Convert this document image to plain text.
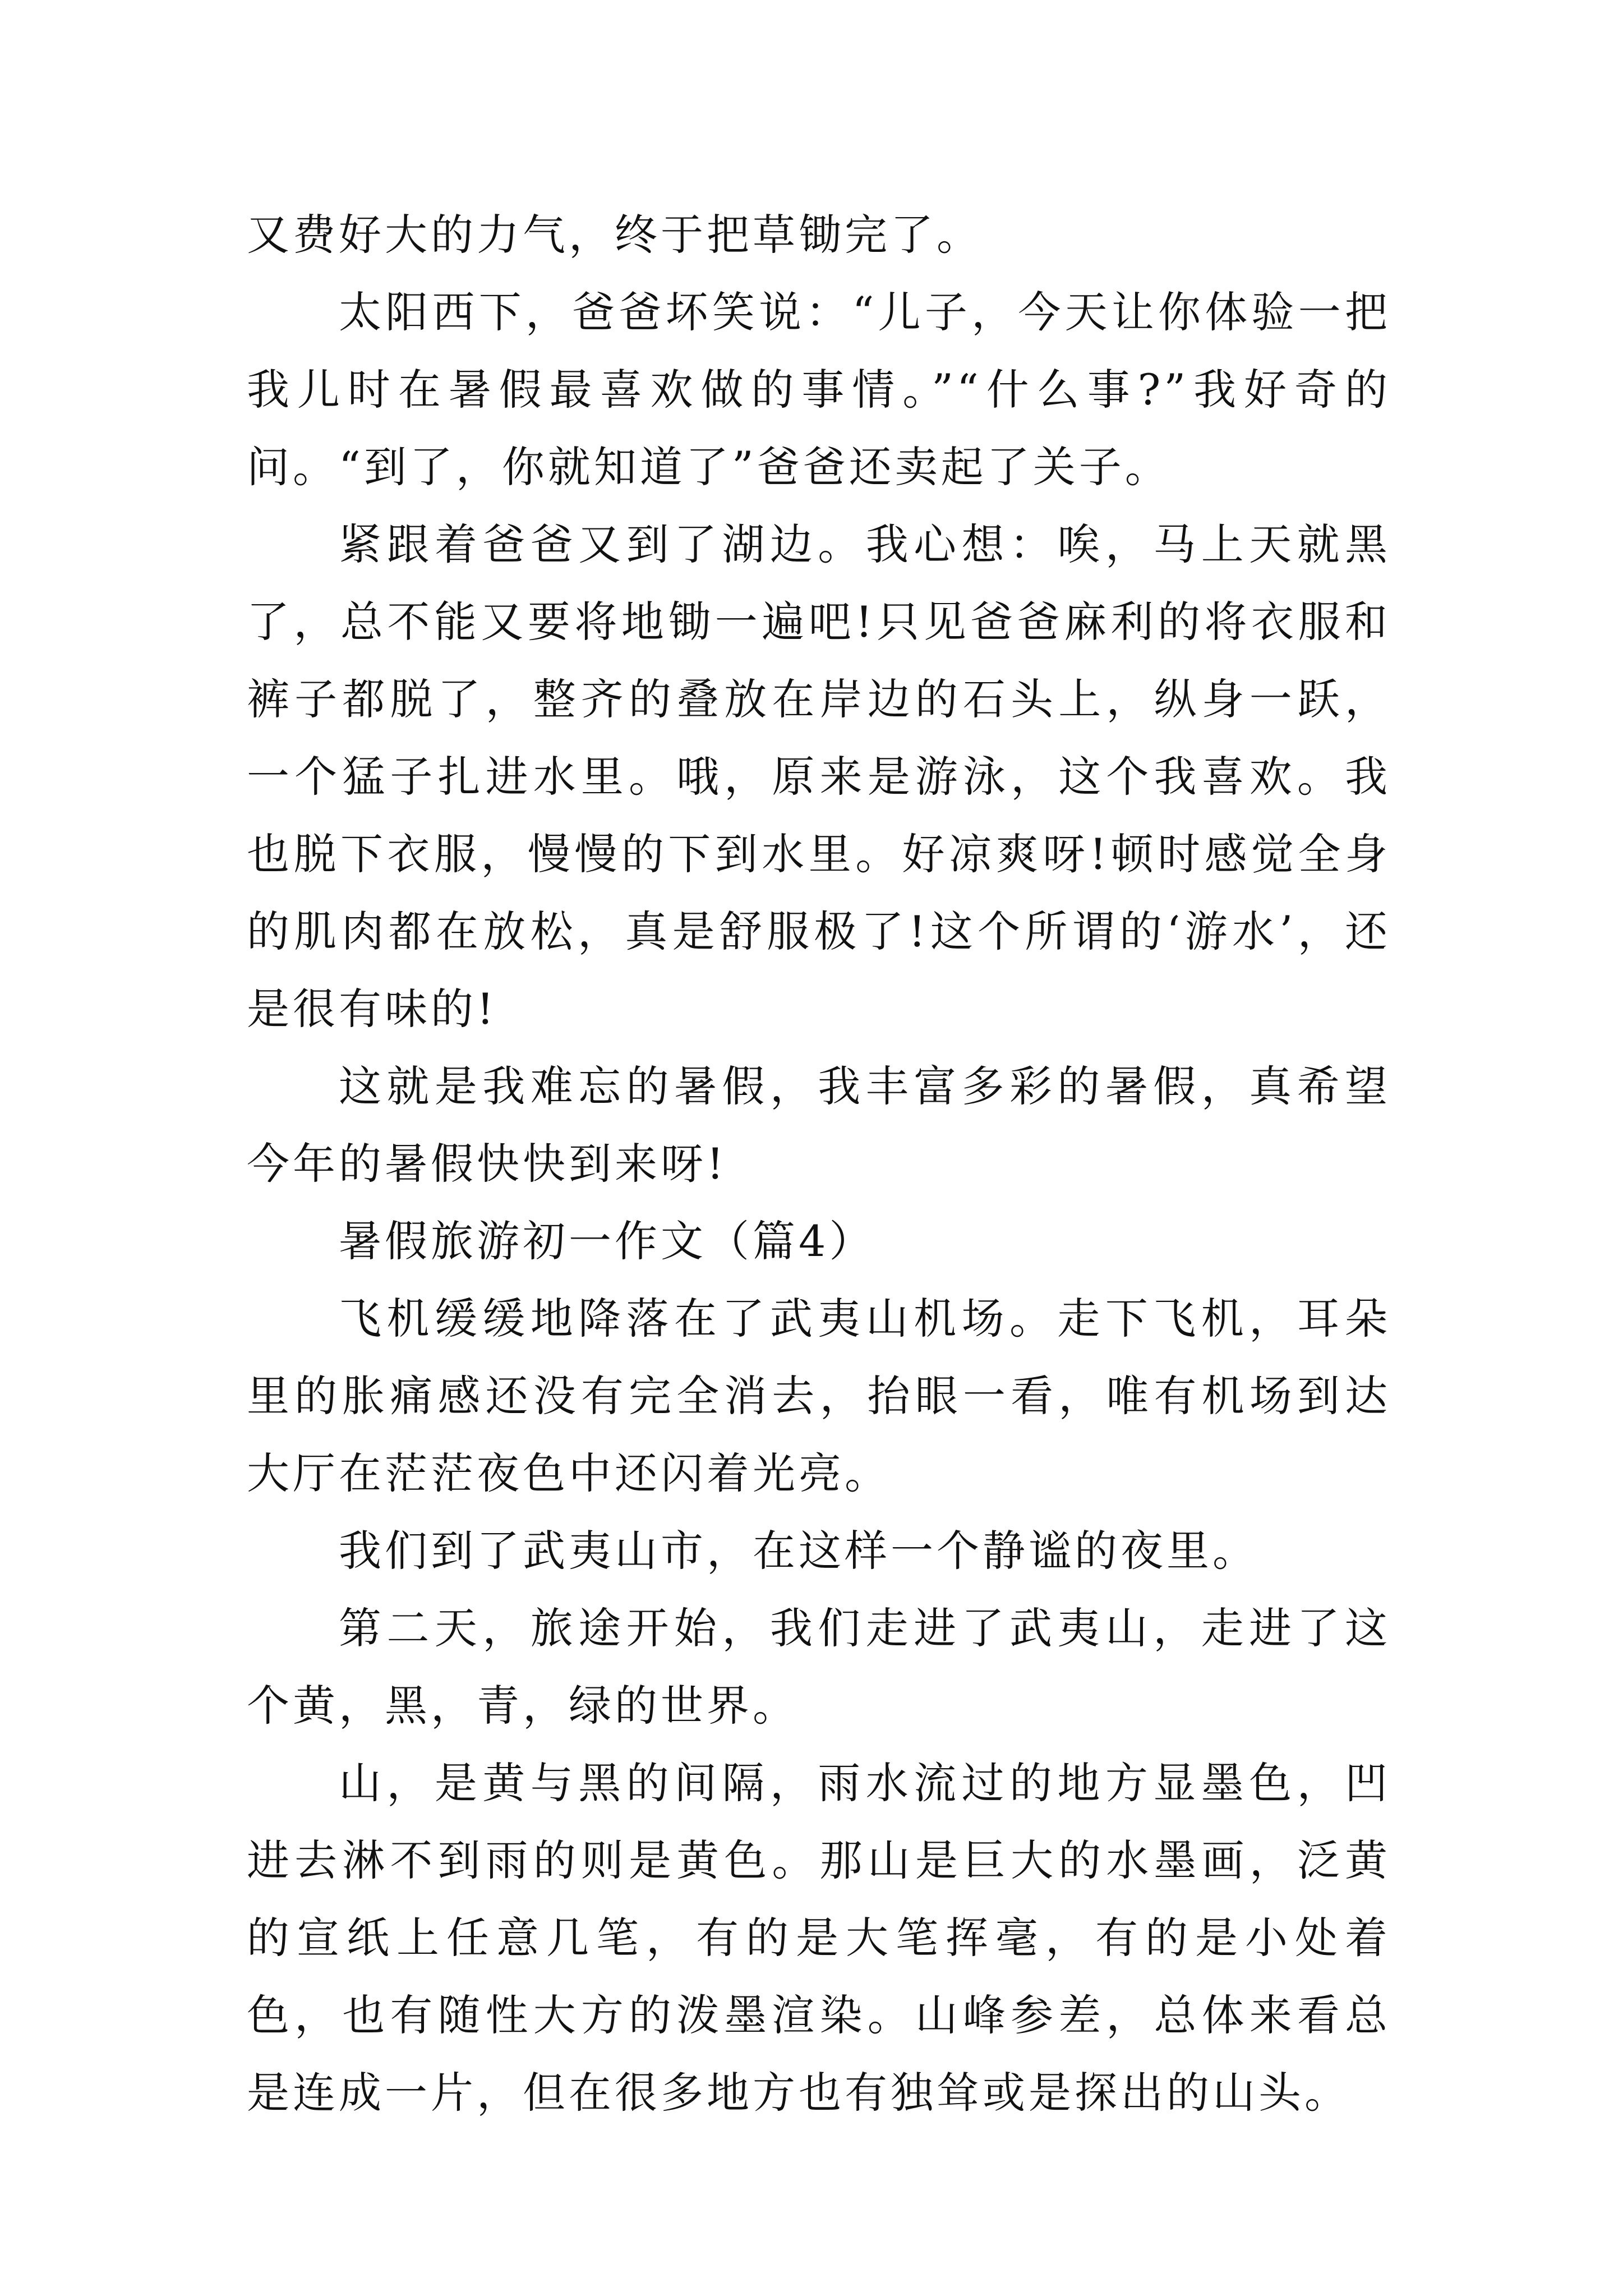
又费好大的力气，终于把草锄完了。

太阳西下，爸爸坏笑说：“儿子，今天让你体验一把我儿时在暑假最喜欢做的事情。”“什么事?”我好奇的问。“到了，你就知道了”爸爸还卖起了关子。

紧跟着爸爸又到了湖边。我心想：唉，马上天就黑了，总不能又要将地锄一遍吧!只见爸爸麻利的将衣服和裤子都脱了，整齐的叠放在岸边的石头上，纵身一跃，一个猛子扎进水里。哦，原来是游泳，这个我喜欢。我也脱下衣服，慢慢的下到水里。好凉爽呀!顿时感觉全身的肌肉都在放松，真是舒服极了!这个所谓的‘游水’，还是很有味的!

这就是我难忘的暑假，我丰富多彩的暑假，真希望今年的暑假快快到来呀!

暑假旅游初一作文（篇4）

飞机缓缓地降落在了武夷山机场。走下飞机，耳朵里的胀痛感还没有完全消去，抬眼一看，唯有机场到达大厅在茫茫夜色中还闪着光亮。

我们到了武夷山市，在这样一个静谧的夜里。

第二天，旅途开始，我们走进了武夷山，走进了这个黄，黑，青，绿的世界。

山，是黄与黑的间隔，雨水流过的地方显墨色，凹进去淋不到雨的则是黄色。那山是巨大的水墨画，泛黄的宣纸上任意几笔，有的是大笔挥毫，有的是小处着色，也有随性大方的泼墨渲染。山峰参差，总体来看总是连成一片，但在很多地方也有独耸或是探出的山头。
